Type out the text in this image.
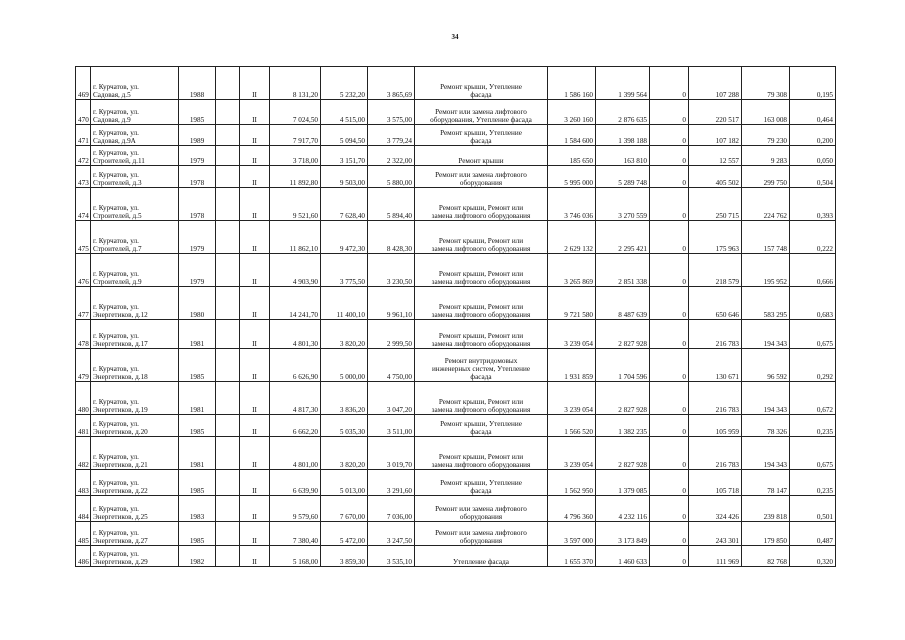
34
469	г. Курчатов, ул.
Садовая, д.5	1988		II	8 131,20	5 232,20	3 865,69	Ремонт крыши, Утепление
фасада	1 586 160	1 399 564	0	107 288	79 308	0,195
470	г. Курчатов, ул.
Садовая, д.9	1985		II	7 024,50	4 515,00	3 575,00	Ремонт или замена лифтового
оборудования, Утепление фасада	3 260 160	2 876 635	0	220 517	163 008	0,464
471	г. Курчатов, ул.
Садовая, д.9А	1989		II	7 917,70	5 094,50	3 779,24	Ремонт крыши, Утепление
фасада	1 584 600	1 398 188	0	107 182	79 230	0,200
472	г. Курчатов, ул.
Строителей, д.11	1979		II	3 718,00	3 151,70	2 322,00	Ремонт крыши	185 650	163 810	0	12 557	9 283	0,050
473	г. Курчатов, ул.
Строителей, д.3	1978		II	11 892,80	9 503,00	5 880,00	Ремонт или замена лифтового
оборудования	5 995 000	5 289 748	0	405 502	299 750	0,504
474	г. Курчатов, ул.
Строителей, д.5	1978		II	9 521,60	7 628,40	5 894,40	Ремонт крыши, Ремонт или
замена лифтового оборудования	3 746 036	3 270 559	0	250 715	224 762	0,393
475	г. Курчатов, ул.
Строителей, д.7	1979		II	11 862,10	9 472,30	8 428,30	Ремонт крыши, Ремонт или
замена лифтового оборудования	2 629 132	2 295 421	0	175 963	157 748	0,222
476	г. Курчатов, ул.
Строителей, д.9	1979		II	4 903,90	3 775,50	3 230,50	Ремонт крыши, Ремонт или
замена лифтового оборудования	3 265 869	2 851 338	0	218 579	195 952	0,666
477	г. Курчатов, ул.
Энергетиков, д.12	1980		II	14 241,70	11 400,10	9 961,10	Ремонт крыши, Ремонт или
замена лифтового оборудования	9 721 580	8 487 639	0	650 646	583 295	0,683
478	г. Курчатов, ул.
Энергетиков, д.17	1981		II	4 801,30	3 820,20	2 999,50	Ремонт крыши, Ремонт или
замена лифтового оборудования	3 239 054	2 827 928	0	216 783	194 343	0,675
479	г. Курчатов, ул.
Энергетиков, д.18	1985		II	6 626,90	5 000,00	4 750,00	Ремонт внутридомовых
инженерных систем, Утепление
фасада	1 931 859	1 704 596	0	130 671	96 592	0,292
480	г. Курчатов, ул.
Энергетиков, д.19	1981		II	4 817,30	3 836,20	3 047,20	Ремонт крыши, Ремонт или
замена лифтового оборудования	3 239 054	2 827 928	0	216 783	194 343	0,672
481	г. Курчатов, ул.
Энергетиков, д.20	1985		II	6 662,20	5 035,30	3 511,00	Ремонт крыши, Утепление
фасада	1 566 520	1 382 235	0	105 959	78 326	0,235
482	г. Курчатов, ул.
Энергетиков, д.21	1981		II	4 801,00	3 820,20	3 019,70	Ремонт крыши, Ремонт или
замена лифтового оборудования	3 239 054	2 827 928	0	216 783	194 343	0,675
483	г. Курчатов, ул.
Энергетиков, д.22	1985		II	6 639,90	5 013,00	3 291,60	Ремонт крыши, Утепление
фасада	1 562 950	1 379 085	0	105 718	78 147	0,235
484	г. Курчатов, ул.
Энергетиков, д.25	1983		II	9 579,60	7 670,00	7 036,00	Ремонт или замена лифтового
оборудования	4 796 360	4 232 116	0	324 426	239 818	0,501
485	г. Курчатов, ул.
Энергетиков, д.27	1985		II	7 380,40	5 472,00	3 247,50	Ремонт или замена лифтового
оборудования	3 597 000	3 173 849	0	243 301	179 850	0,487
486	г. Курчатов, ул.
Энергетиков, д.29	1982		II	5 168,00	3 859,30	3 535,10	Утепление фасада	1 655 370	1 460 633	0	111 969	82 768	0,320
